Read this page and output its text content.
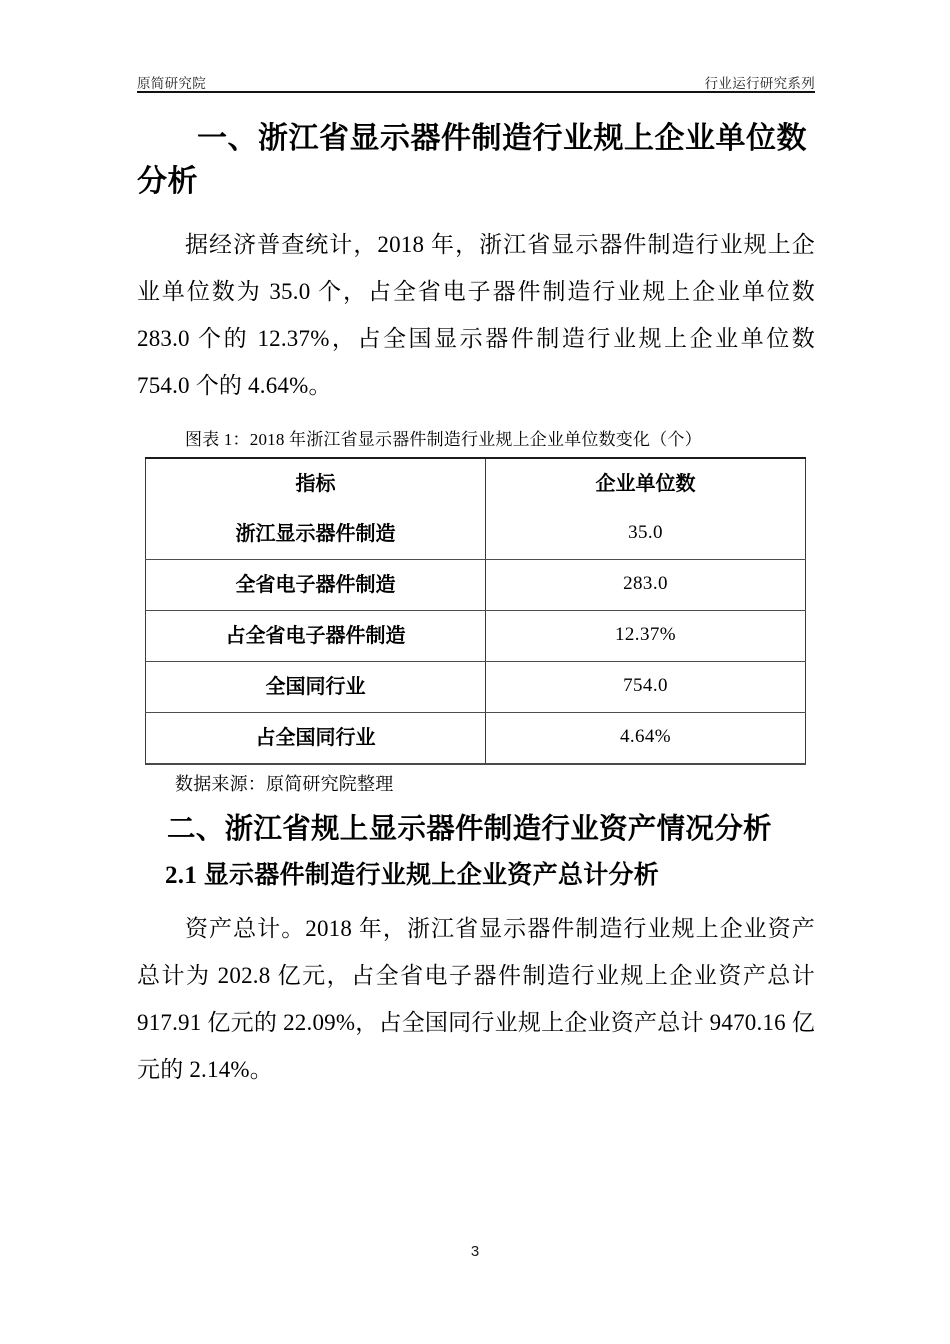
原简研究院	行业运行研究系列
一、浙江省显示器件制造行业规上企业单位数分析

据经济普查统计，2018 年，浙江省显示器件制造行业规上企业单位数为 35.0 个，占全省电子器件制造行业规上企业单位数 283.0 个的 12.37%，占全国显示器件制造行业规上企业单位数 754.0 个的 4.64%。

图表 1：2018 年浙江省显示器件制造行业规上企业单位数变化（个）
指标	企业单位数
浙江显示器件制造	35.0
全省电子器件制造	283.0
占全省电子器件制造	12.37%
全国同行业	754.0
占全国同行业	4.64%
数据来源：原简研究院整理
二、浙江省规上显示器件制造行业资产情况分析
2.1 显示器件制造行业规上企业资产总计分析

资产总计。2018 年，浙江省显示器件制造行业规上企业资产总计为 202.8 亿元，占全省电子器件制造行业规上企业资产总计 917.91 亿元的 22.09%，占全国同行业规上企业资产总计 9470.16 亿元的 2.14%。

3
